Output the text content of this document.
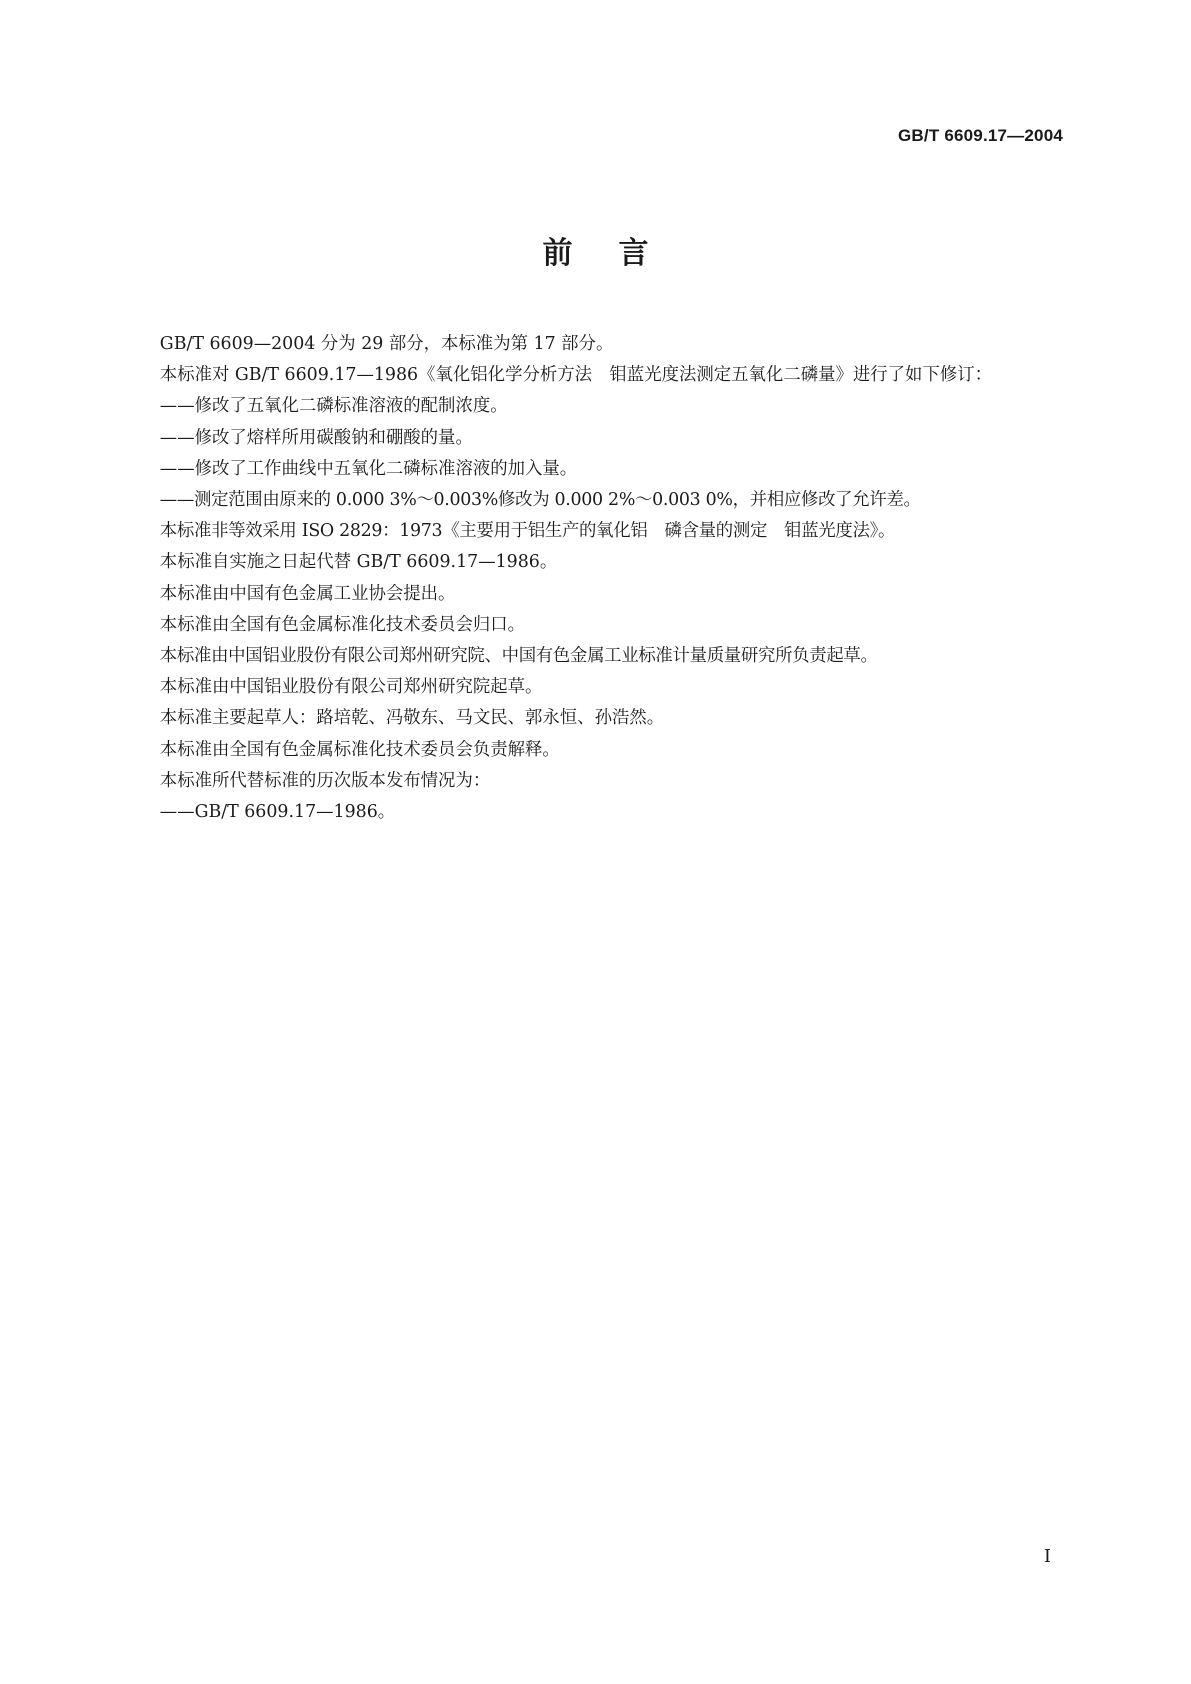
GB/T 6609.17—2004
前言

GB/T 6609—2004 分为 29 部分，本标准为第 17 部分。

本标准对 GB/T 6609.17—1986《氧化铝化学分析方法　钼蓝光度法测定五氧化二磷量》进行了如下修订：

——修改了五氧化二磷标准溶液的配制浓度。

——修改了熔样所用碳酸钠和硼酸的量。

——修改了工作曲线中五氧化二磷标准溶液的加入量。

——测定范围由原来的 0.000 3%～0.003%修改为 0.000 2%～0.003 0%，并相应修改了允许差。

本标准非等效采用 ISO 2829：1973《主要用于铝生产的氧化铝　磷含量的测定　钼蓝光度法》。

本标准自实施之日起代替 GB/T 6609.17—1986。

本标准由中国有色金属工业协会提出。

本标准由全国有色金属标准化技术委员会归口。

本标准由中国铝业股份有限公司郑州研究院、中国有色金属工业标准计量质量研究所负责起草。

本标准由中国铝业股份有限公司郑州研究院起草。

本标准主要起草人：路培乾、冯敬东、马文民、郭永恒、孙浩然。

本标准由全国有色金属标准化技术委员会负责解释。

本标准所代替标准的历次版本发布情况为：

——GB/T 6609.17—1986。

I
